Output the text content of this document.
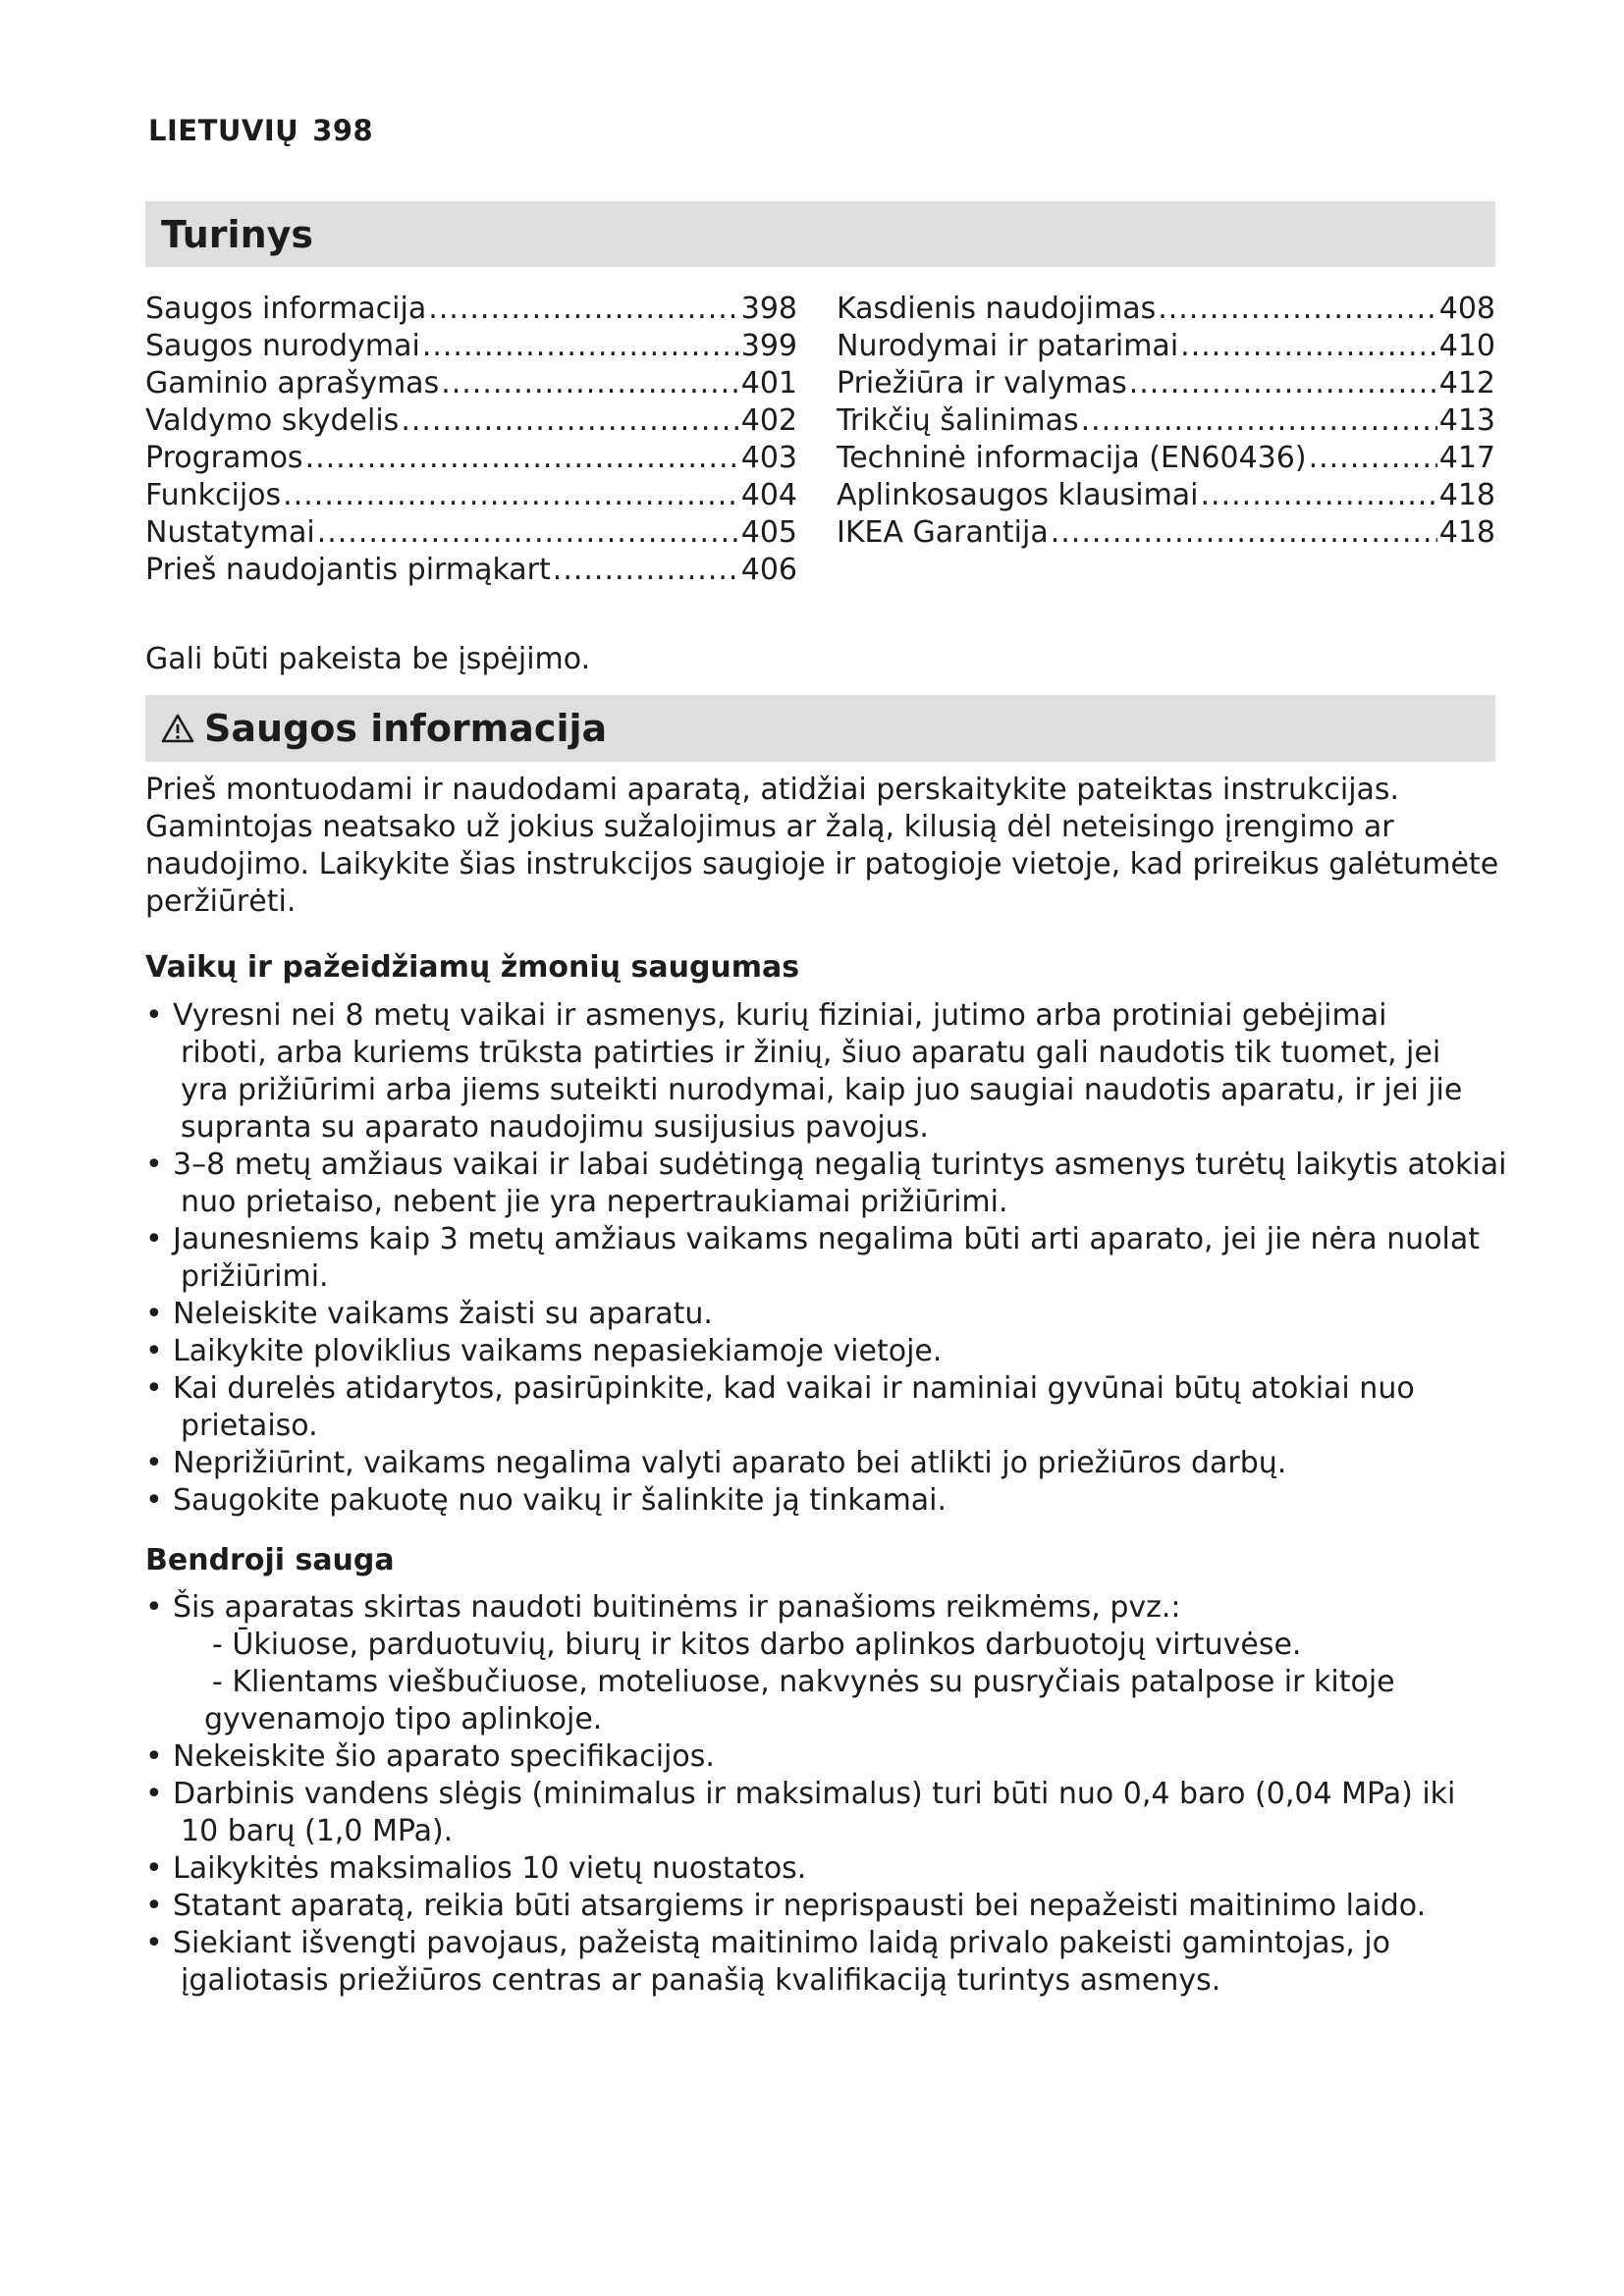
LIETUVIŲ 398
Turinys
Saugos informacija .....	398
Saugos nurodymai .....	399
Gaminio aprašymas .....	401
Valdymo skydelis .....	402
Programos .....	403
Funkcijos .....	404
Nustatymai .....	405
Prieš naudojantis pirmąkart .....	406
Kasdienis naudojimas .....	408
Nurodymai ir patarimai .....	410
Priežiūra ir valymas .....	412
Trikčių šalinimas .....	413
Techninė informacija (EN60436) .....	417
Aplinkosaugos klausimai .....	418
IKEA Garantija .....	418
Gali būti pakeista be įspėjimo.
Saugos informacija
Prieš montuodami ir naudodami aparatą, atidžiai perskaitykite pateiktas instrukcijas.
Gamintojas neatsako už jokius sužalojimus ar žalą, kilusią dėl neteisingo įrengimo ar
naudojimo. Laikykite šias instrukcijos saugioje ir patogioje vietoje, kad prireikus galėtumėte
peržiūrėti.
Vaikų ir pažeidžiamų žmonių saugumas
• Vyresni nei 8 metų vaikai ir asmenys, kurių fiziniai, jutimo arba protiniai gebėjimai
riboti, arba kuriems trūksta patirties ir žinių, šiuo aparatu gali naudotis tik tuomet, jei
yra prižiūrimi arba jiems suteikti nurodymai, kaip juo saugiai naudotis aparatu, ir jei jie
supranta su aparato naudojimu susijusius pavojus.
• 3–8 metų amžiaus vaikai ir labai sudėtingą negalią turintys asmenys turėtų laikytis atokiai
nuo prietaiso, nebent jie yra nepertraukiamai prižiūrimi.
• Jaunesniems kaip 3 metų amžiaus vaikams negalima būti arti aparato, jei jie nėra nuolat
prižiūrimi.
• Neleiskite vaikams žaisti su aparatu.
• Laikykite ploviklius vaikams nepasiekiamoje vietoje.
• Kai durelės atidarytos, pasirūpinkite, kad vaikai ir naminiai gyvūnai būtų atokiai nuo
prietaiso.
• Neprižiūrint, vaikams negalima valyti aparato bei atlikti jo priežiūros darbų.
• Saugokite pakuotę nuo vaikų ir šalinkite ją tinkamai.
Bendroji sauga
• Šis aparatas skirtas naudoti buitinėms ir panašioms reikmėms, pvz.:
- Ūkiuose, parduotuvių, biurų ir kitos darbo aplinkos darbuotojų virtuvėse.
- Klientams viešbučiuose, moteliuose, nakvynės su pusryčiais patalpose ir kitoje
gyvenamojo tipo aplinkoje.
• Nekeiskite šio aparato specifikacijos.
• Darbinis vandens slėgis (minimalus ir maksimalus) turi būti nuo 0,4 baro (0,04 MPa) iki
10 barų (1,0 MPa).
• Laikykitės maksimalios 10 vietų nuostatos.
• Statant aparatą, reikia būti atsargiems ir neprispausti bei nepažeisti maitinimo laido.
• Siekiant išvengti pavojaus, pažeistą maitinimo laidą privalo pakeisti gamintojas, jo
įgaliotasis priežiūros centras ar panašią kvalifikaciją turintys asmenys.
